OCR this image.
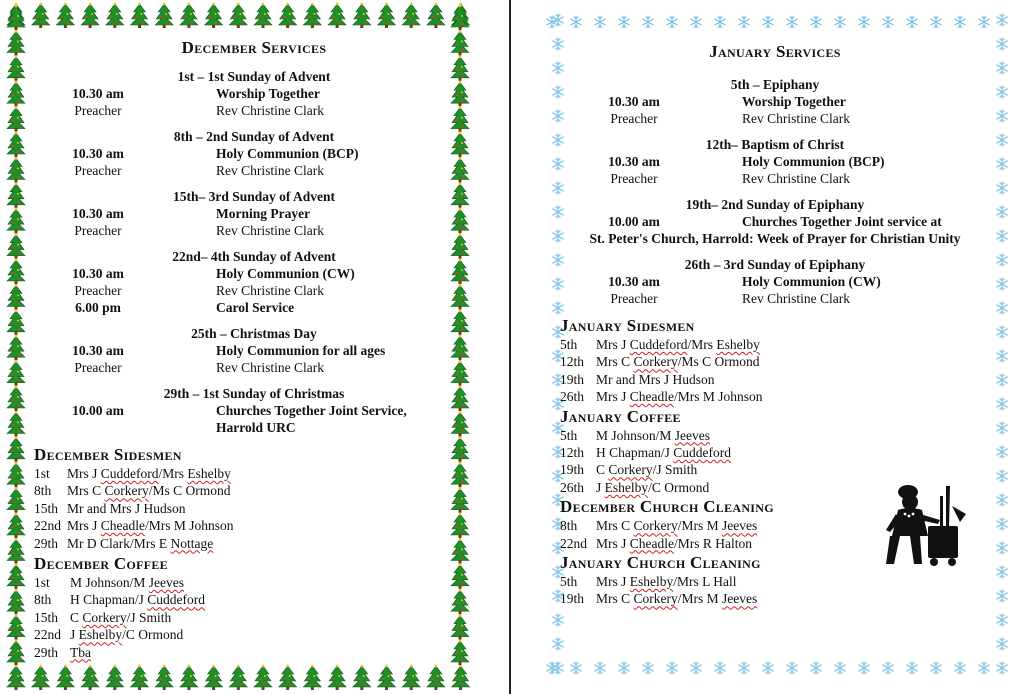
December Services
1st – 1st Sunday of Advent
10.30 am	Worship Together
Preacher	Rev Christine Clark
8th – 2nd Sunday of Advent
10.30 am	Holy Communion (BCP)
Preacher	Rev Christine Clark
15th– 3rd Sunday of Advent
10.30 am	Morning Prayer
Preacher	Rev Christine Clark
22nd– 4th Sunday of Advent
10.30 am	Holy Communion (CW)
Preacher	Rev Christine Clark
6.00 pm	Carol Service
25th – Christmas Day
10.30 am	Holy Communion for all ages
Preacher	Rev Christine Clark
29th – 1st Sunday of Christmas
10.00 am	Churches Together Joint Service,
Harrold URC
December Sidesmen
1st	Mrs J Cuddeford/Mrs Eshelby
8th	Mrs C Corkery/Ms C Ormond
15th Mr and Mrs J Hudson
22nd Mrs J Cheadle/Mrs M Johnson
29th Mr D Clark/Mrs E Nottage
December Coffee
1st	M Johnson/M Jeeves
8th	H Chapman/J Cuddeford
15th C Corkery/J Smith
22nd J Eshelby/C Ormond
29th Tba
January Services
5th – Epiphany
10.30 am	Worship Together
Preacher	Rev Christine Clark
12th– Baptism of Christ
10.30 am	Holy Communion (BCP)
Preacher	Rev Christine Clark
19th– 2nd Sunday of Epiphany
10.00 am	Churches Together Joint service at
St. Peter's Church, Harrold: Week of Prayer for Christian Unity
26th – 3rd Sunday of Epiphany
10.30 am	Holy Communion (CW)
Preacher	Rev Christine Clark
January Sidesmen
5th	Mrs J Cuddeford/Mrs Eshelby
12th Mrs C Corkery/Ms C Ormond
19th Mr and Mrs J Hudson
26th Mrs J Cheadle/Mrs M Johnson
January Coffee
5th	M Johnson/M Jeeves
12th H Chapman/J Cuddeford
19th C Corkery/J Smith
26th J Eshelby/C Ormond
December Church Cleaning
8th	Mrs C Corkery/Mrs M Jeeves
22nd Mrs J Cheadle/Mrs R Halton
January Church Cleaning
5th	Mrs J Eshelby/Mrs L Hall
19th Mrs C Corkery/Mrs M Jeeves
